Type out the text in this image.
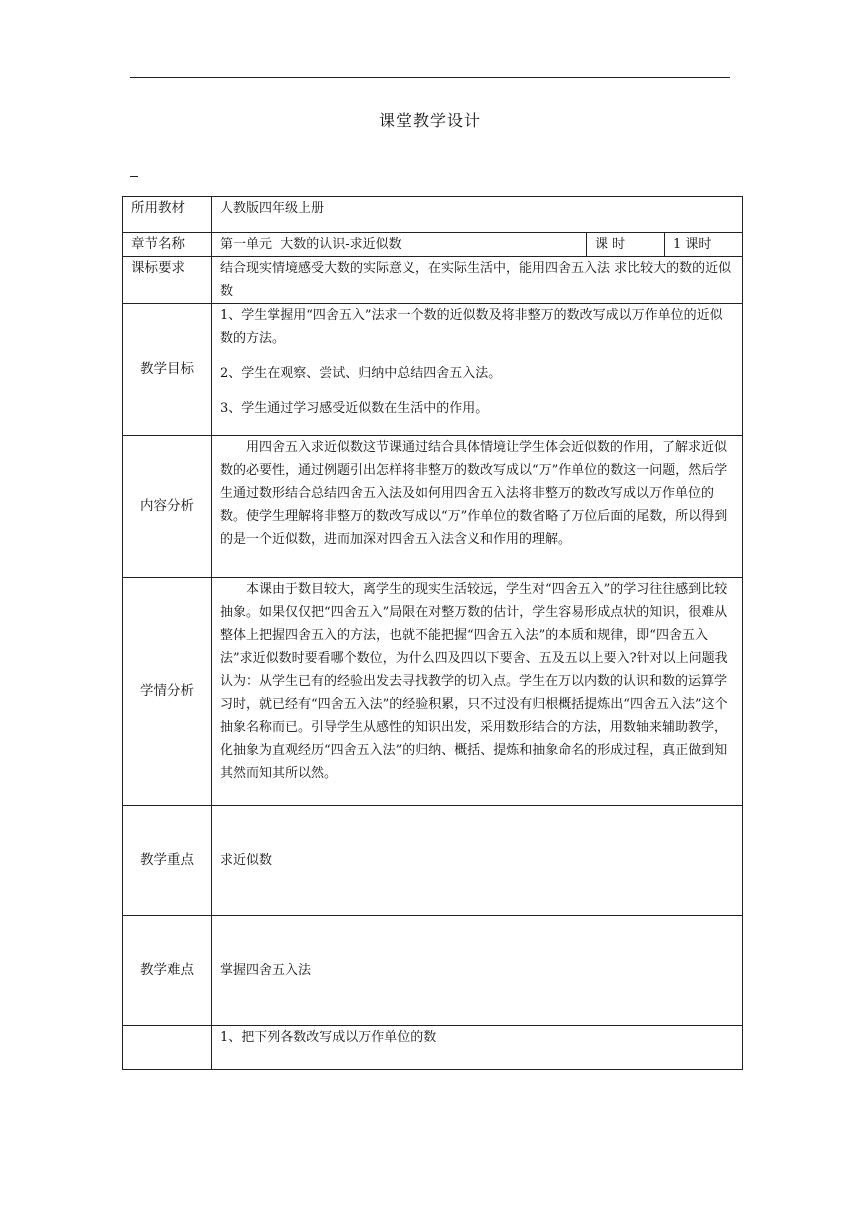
课堂教学设计
所用教材	人教版四年级上册		
章节名称	第一单元  大数的认识-求近似数	课 时	1 课时
课标要求	结合现实情境感受大数的实际意义，在实际生活中，能用四舍五入法 求比较大的数的近似数		
教学目标	1、学生掌握用“四舍五入”法求一个数的近似数及将非整万的数改写成以万作单位的近似数的方法。

2、学生在观察、尝试、归纳中总结四舍五入法。

3、学生通过学习感受近似数在生活中的作用。		

内容分析	用四舍五入求近似数这节课通过结合具体情境让学生体会近似数的作用，了解求近似数的必要性，通过例题引出怎样将非整万的数改写成以“万”作单位的数这一问题，然后学生通过数形结合总结四舍五入法及如何用四舍五入法将非整万的数改写成以万作单位的数。使学生理解将非整万的数改写成以“万”作单位的数省略了万位后面的尾数，所以得到的是一个近似数，进而加深对四舍五入法含义和作用的理解。		

学情分析	本课由于数目较大，离学生的现实生活较远，学生对“四舍五入”的学习往往感到比较抽象。如果仅仅把“四舍五入”局限在对整万数的估计，学生容易形成点状的知识，很难从整体上把握四舍五入的方法，也就不能把握“四舍五入法”的本质和规律，即“四舍五入法”求近似数时要看哪个数位，为什么四及四以下要舍、五及五以上要入?针对以上问题我认为：从学生已有的经验出发去寻找教学的切入点。学生在万以内数的认识和数的运算学习时，就已经有“四舍五入法”的经验积累，只不过没有归根概括提炼出“四舍五入法”这个抽象名称而已。引导学生从感性的知识出发，采用数形结合的方法，用数轴来辅助教学，化抽象为直观经历“四舍五入法”的归纳、概括、提炼和抽象命名的形成过程，真正做到知其然而知其所以然。		

教学重点	求近似数		
教学难点	掌握四舍五入法		
	1、把下列各数改写成以万作单位的数		
